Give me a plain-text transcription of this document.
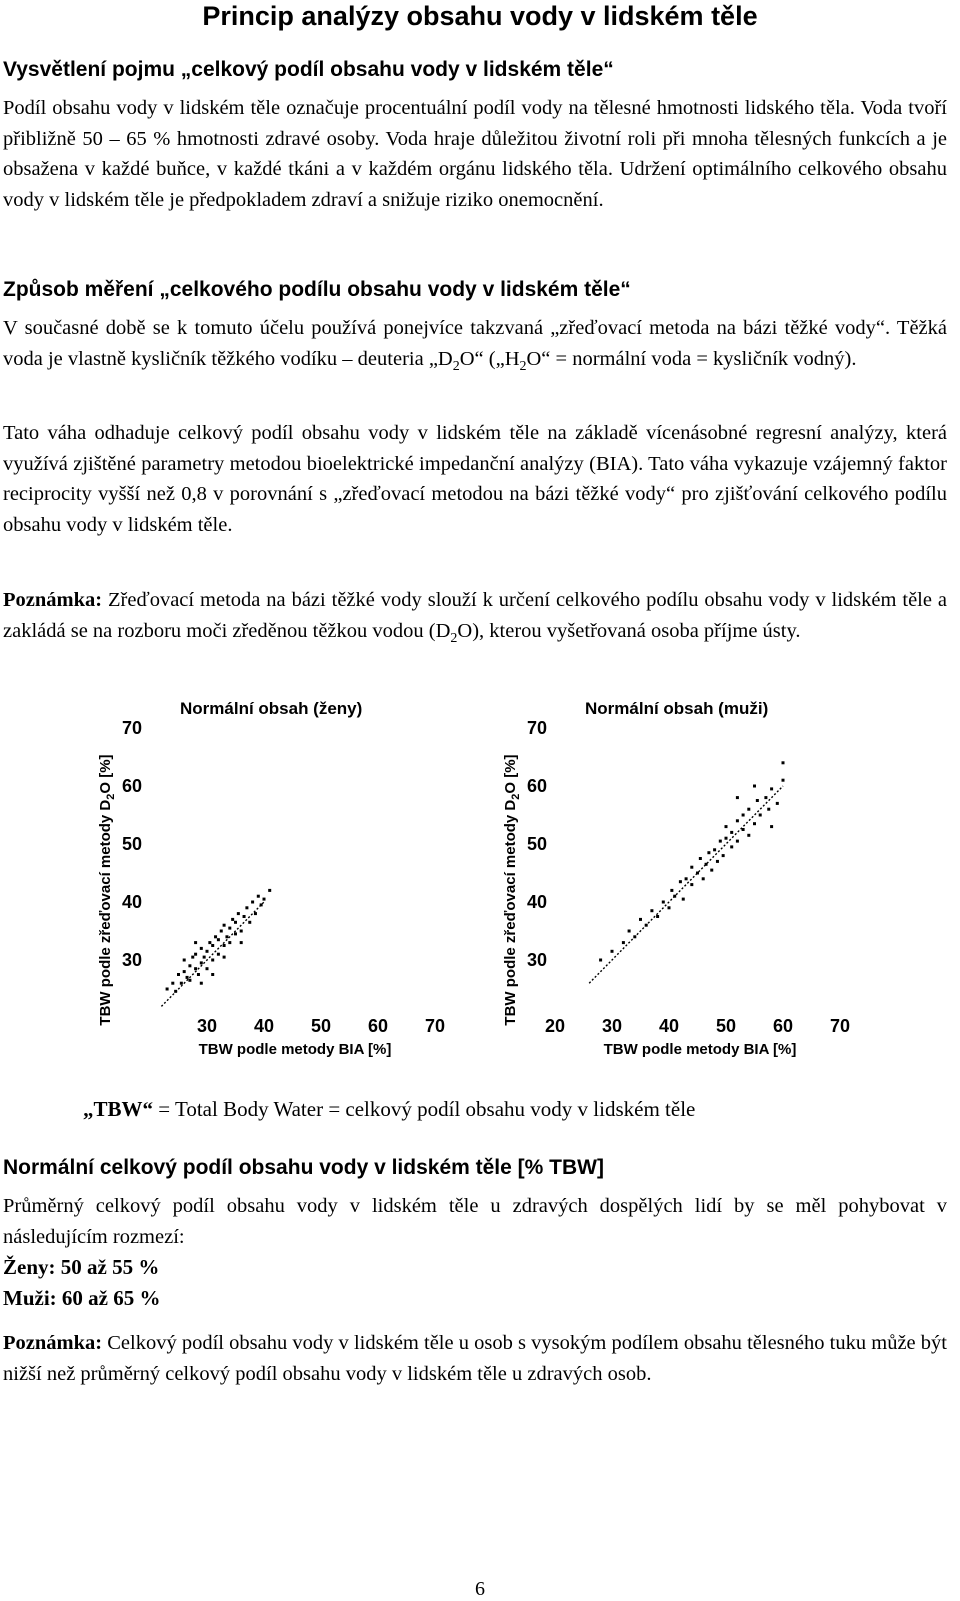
Princip analýzy obsahu vody v lidském těle
Vysvětlení pojmu „celkový podíl obsahu vody v lidském těle“
Podíl obsahu vody v lidském těle označuje procentuální podíl vody na tělesné hmotnosti lidského těla. Voda tvoří přibližně 50 – 65 % hmotnosti zdravé osoby. Voda hraje důležitou životní roli při mnoha tělesných funkcích a je obsažena v každé buňce, v každé tkáni a v každém orgánu lidského těla. Udržení optimálního celkového obsahu vody v lidském těle je předpokladem zdraví a snižuje riziko onemocnění.
Způsob měření „celkového podílu obsahu vody v lidském těle“
V současné době se k tomuto účelu používá ponejvíce takzvaná „zřeďovací metoda na bázi těžké vody“. Těžká voda je vlastně kysličník těžkého vodíku – deuteria $„D_2O“$ ($„H_2O“$ = normální voda = kysličník vodný).
Tato váha odhaduje celkový podíl obsahu vody v lidském těle na základě vícenásobné regresní analýzy, která využívá zjištěné parametry metodou bioelektrické impedanční analýzy (BIA). Tato váha vykazuje vzájemný faktor reciprocity vyšší než 0,8 v porovnání s „zřeďovací metodou na bázi těžké vody“ pro zjišťování celkového podílu obsahu vody v lidském těle.
Poznámka: Zřeďovací metoda na bázi těžké vody slouží k určení celkového podílu obsahu vody v lidském těle a zakládá se na rozboru moči zředěnou těžkou vodou $(D_2O)$, kterou vyšetřovaná osoba příjme ústy.
Normální obsah (ženy)
TBW podle zřeďovací metody $D_2O$ [%]
TBW podle metody BIA [%]
30
40
50
60
70
30 40 50 60 70
Normální obsah (muži)
TBW podle zřeďovací metody $D_2O$ [%]
TBW podle metody BIA [%]
30
40
50
60
70
20 30 40 50 60 70
„TBW“ = Total Body Water = celkový podíl obsahu vody v lidském těle
Normální celkový podíl obsahu vody v lidském těle [% TBW]
Průměrný celkový podíl obsahu vody v lidském těle u zdravých dospělých lidí by se měl pohybovat v následujícím rozmezí:
Ženy: 50 až 55 %
Muži: 60 až 65 %
Poznámka: Celkový podíl obsahu vody v lidském těle u osob s vysokým podílem obsahu tělesného tuku může být nižší než průměrný celkový podíl obsahu vody v lidském těle u zdravých osob.
6
